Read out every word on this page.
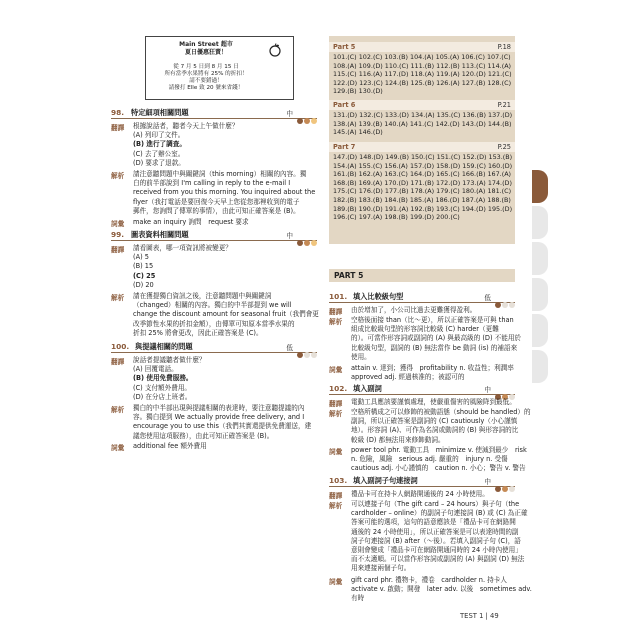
Main Street 超市
夏日優惠狂賣！
從 7 月 5 日到 8 月 15 日
所有當季水果將有 25% 的折扣！
請不要錯過！
請撥打 Elle 致 20 號來省錢！
98. 特定細項相關問題	中
翻譯 根據說話者，聽者今天上午做什麼？
(A) 列印了文件。
(B) 進行了調查。
(C) 去了辦公室。
(D) 要求了退款。
解析 請注意聽問題中與關鍵詞（this morning）相關的內容。獨
白的前半部說到 I'm calling in reply to the e-mail I
received from you this morning. You inquired about the
flyer（我打電話是要回復今天早上您從您那裡收到的電子
郵件，您詢問了傳單的事情），由此可知正確答案是 (B)。
詞彙 make an inquiry 詢問　request 要求
99. 圖表資料相關問題	中
翻譯 請看圖表，哪一項資訊將被變更？
(A) 5
(B) 15
(C) 25
(D) 20
解析 請在獲提獨白資訊之後，注意聽問題中與關鍵詞
（changed）相關的內容。獨白的中半部提到 we will
change the discount amount for seasonal fruit（我們會更
改季節性水果的折扣金額），由傳單可知原本當季水果的
折扣 25% 將會更改，因此正確答案是 (C)。
100. 與提議相關的問題	低
翻譯 說話者提議聽者做什麼？
(A) 回覆電話。
(B) 使用免費服務。
(C) 支付額外費用。
(D) 在分店上班者。
解析 獨白的中半部出現與提議相關的表達時，要注意聽提議的內
容。獨白提到 We actually provide free delivery, and I
encourage you to use this（我們其實還提供免費運送，建
議您使用這項服務），由此可知正確答案是 (B)。
詞彙 additional fee 額外費用
Part 5	P.18
101.(C) 102.(C) 103.(B) 104.(A) 105.(A) 106.(C) 107.(C)
108.(A) 109.(D) 110.(C) 111.(B) 112.(B) 113.(C) 114.(A)
115.(C) 116.(A) 117.(D) 118.(A) 119.(A) 120.(D) 121.(C)
122.(D) 123.(C) 124.(B) 125.(B) 126.(A) 127.(B) 128.(C)
129.(B) 130.(D)
Part 6	P.21
131.(D) 132.(C) 133.(D) 134.(A) 135.(C) 136.(B) 137.(D)
138.(A) 139.(B) 140.(A) 141.(C) 142.(D) 143.(D) 144.(B)
145.(A) 146.(D)
Part 7	P.25
147.(D) 148.(D) 149.(B) 150.(C) 151.(C) 152.(D) 153.(B)
154.(A) 155.(C) 156.(A) 157.(D) 158.(D) 159.(C) 160.(D)
161.(B) 162.(A) 163.(C) 164.(D) 165.(C) 166.(B) 167.(A)
168.(B) 169.(A) 170.(D) 171.(B) 172.(D) 173.(A) 174.(D)
175.(C) 176.(D) 177.(B) 178.(A) 179.(C) 180.(A) 181.(C)
182.(B) 183.(B) 184.(B) 185.(A) 186.(D) 187.(A) 188.(B)
189.(B) 190.(D) 191.(A) 192.(B) 193.(C) 194.(D) 195.(D)
196.(C) 197.(A) 198.(B) 199.(D) 200.(C)
PART 5
101. 填入比較級句型	低
翻譯 由於增加了，小公司比過去更難獲得盈利。
解析 空格後面接 than（比～更），所以正確答案是可與 than
組成比較級句型的形容詞比較級 (C) harder（更難
的）。可當作形容詞或副詞的 (A) 與最高級的 (D) 不能用於
比較級句型，副詞的 (B) 無法當作 be 動詞 (is) 的補語來
使用。
詞彙 attain v. 達到；獲得　profitability n. 收益性；利潤率
approved adj. 經過核准的；被認可的
102. 填入副詞	中
翻譯 電動工具應該要謹慎處理，使嚴重傷害的風險降到最低。
解析 空格所構成之可以修飾的被動語態（should be handled）的
副詞，所以正確答案是副詞的 (C) cautiously（小心謹慎
地）。形容詞 (A)、可作為名詞或動詞的 (B) 與形容詞的比
較級 (D) 都無法用來修飾動詞。
詞彙 power tool phr. 電動工具　minimize v. 使減到最少　risk
n. 危險，風險　serious adj. 嚴重的　injury n. 受傷
cautious adj. 小心謹慎的　caution n. 小心；警告 v. 警告
103. 填入副詞子句連接詞	中
翻譯 禮品卡可在持卡人網路開通後的 24 小時使用。
解析 可以連接子句（The gift card – 24 hours）與子句（the
cardholder – online）的副詞子句連接詞 (B) 或 (C) 為正確
答案可能的選項，這句的語意應該是「禮品卡可在網路開
通後的 24 小時使用」，所以正確答案是可以表達時間的副
詞子句連接詞 (B) after（～後）。若填入副詞子句 (C)，語
意則會變成「禮品卡可在網路開通同時的 24 小時內使用」
而不太適順。可以當作形容詞或副詞的 (A) 與副詞 (D) 無法
用來連接兩個子句。
詞彙 gift card phr. 禮物卡，禮卷　cardholder n. 持卡人
activate v. 啟動；開發　later adv. 以後　sometimes adv.
有時
TEST 1 | 49
